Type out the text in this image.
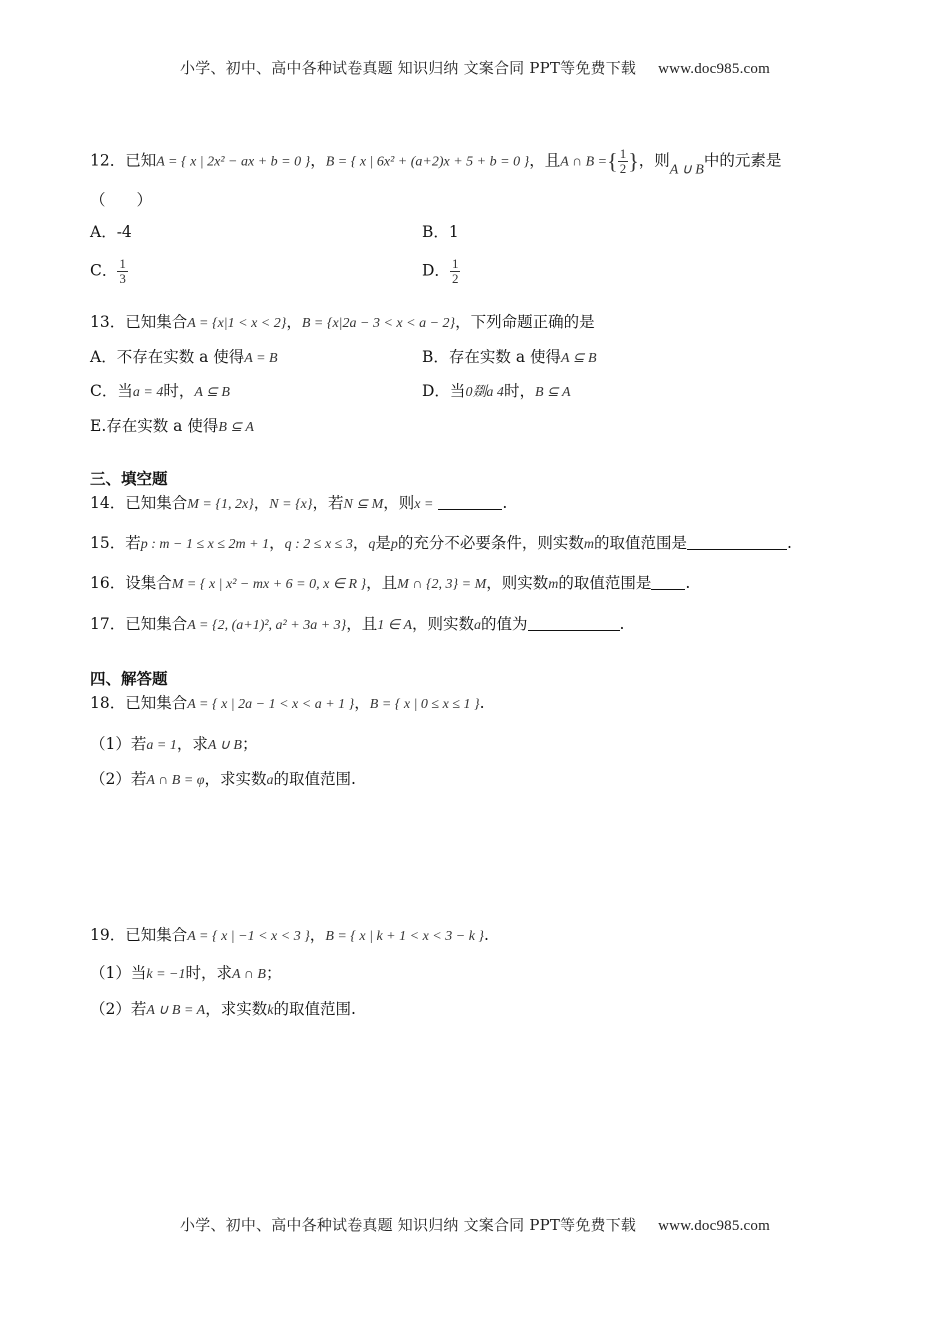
小学、初中、高中各种试卷真题 知识归纳 文案合同 PPT等免费下载 www.doc985.com
12．已知A = { x | 2x² − ax + b = 0 }，B = { x | 6x² + (a+2)x + 5 + b = 0 }，且A ∩ B ={ $\frac{1}{2}$ }，则A ∪ B中的元素是
（　　）
A．-4	B．1
C． $\frac{1}{3}$	D． $\frac{1}{2}$
13．已知集合A = {x|1 < x < 2}，B = {x|2a − 3 < x < a − 2}，下列命题正确的是
A．不存在实数 a 使得A = B	B．存在实数 a 使得A ⊆ B
C．当a = 4时，A ⊆ B	D．当0剟a 4时，B ⊆ A
E.存在实数 a 使得B ⊆ A
三、填空题
14．已知集合M = {1, 2x}，N = {x}，若N ⊆ M，则x =	.
15．若p : m − 1 ≤ x ≤ 2m + 1，q : 2 ≤ x ≤ 3，q是p的充分不必要条件，则实数m的取值范围是	.
16．设集合M = { x | x² − mx + 6 = 0, x ∈ R }，且M ∩ {2, 3} = M，则实数m的取值范围是 .
17．已知集合A = {2, (a+1)², a² + 3a + 3}，且1 ∈ A，则实数a的值为	.
四、解答题
18．已知集合A = { x | 2a − 1 < x < a + 1 }，B = { x | 0 ≤ x ≤ 1 }.
（1）若a = 1，求A ∪ B；
（2）若A ∩ B = φ，求实数a的取值范围.
19．已知集合A = { x | −1 < x < 3 }，B = { x | k + 1 < x < 3 − k }.
（1）当k = −1时，求A ∩ B；
（2）若A ∪ B = A，求实数k的取值范围.
小学、初中、高中各种试卷真题 知识归纳 文案合同 PPT等免费下载 www.doc985.com
